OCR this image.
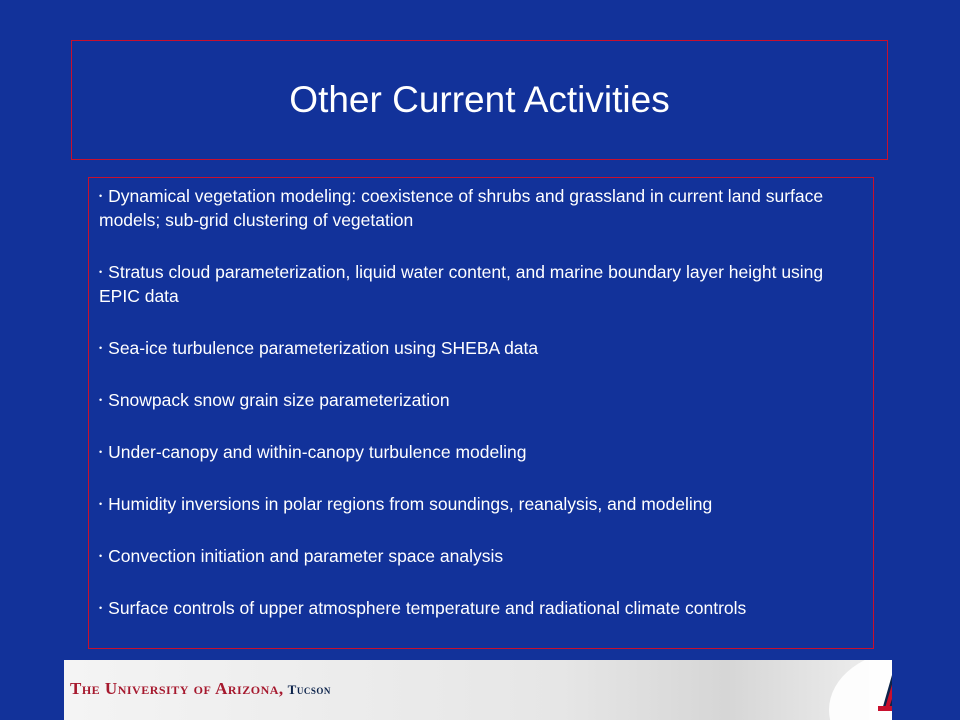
Other Current Activities
• Dynamical vegetation modeling: coexistence of shrubs and grassland in current land surface models; sub-grid clustering of vegetation
• Stratus cloud parameterization, liquid water content, and marine boundary layer height using EPIC data
• Sea-ice turbulence parameterization using SHEBA data
• Snowpack snow grain size parameterization
• Under-canopy and within-canopy turbulence modeling
• Humidity inversions in polar regions from soundings, reanalysis, and modeling
• Convection initiation and parameter space analysis
• Surface controls of upper atmosphere temperature and radiational climate controls
The University of Arizona, Tucson
